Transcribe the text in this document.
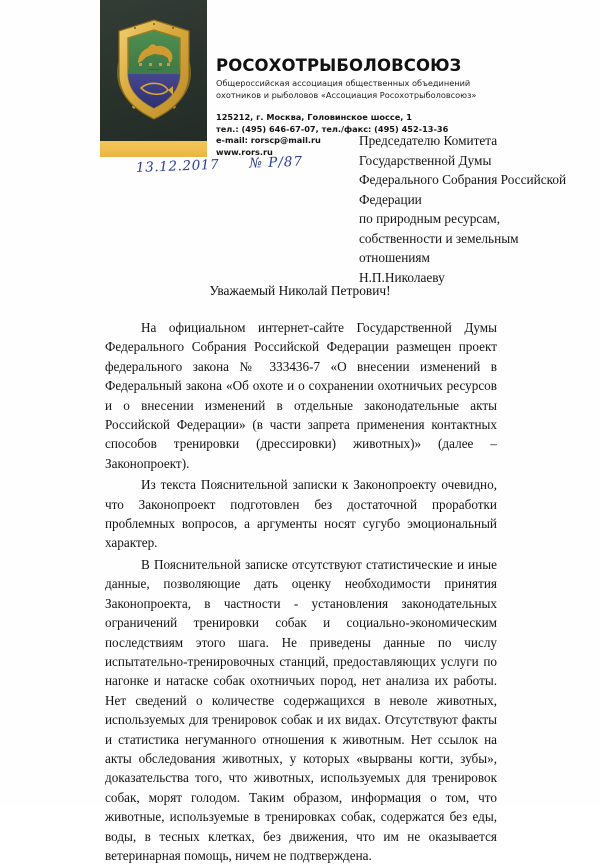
РОСОХОТРЫБОЛОВСОЮЗ
Общероссийская ассоциация общественных объединений
охотников и рыболовов «Ассоциация Росохотрыболовсоюз»
125212, г. Москва, Головинское шоссе, 1
тел.: (495) 646-67-07, тел./факс: (495) 452-13-36
e-mail: rorscp@mail.ru
www.rors.ru
13.12.2017 № Р/87
Председателю Комитета
Государственной Думы
Федерального Собрания Российской
Федерации
по природным ресурсам,
собственности и земельным
отношениям
Н.П.Николаеву
Уважаемый Николай Петрович!

На официальном интернет-сайте Государственной Думы Федерального Собрания Российской Федерации размещен проект федерального закона № 333436-7 «О внесении изменений в Федеральный закона «Об охоте и о сохранении охотничьих ресурсов и о внесении изменений в отдельные законодательные акты Российской Федерации» (в части запрета применения контактных способов тренировки (дрессировки) животных)» (далее – Законопроект).

Из текста Пояснительной записки к Законопроекту очевидно, что Законопроект подготовлен без достаточной проработки проблемных вопросов, а аргументы носят сугубо эмоциональный характер.

В Пояснительной записке отсутствуют статистические и иные данные, позволяющие дать оценку необходимости принятия Законопроекта, в частности - установления законодательных ограничений тренировки собак и социально-экономическим последствиям этого шага. Не приведены данные по числу испытательно-тренировочных станций, предоставляющих услуги по нагонке и натаске собак охотничьих пород, нет анализа их работы. Нет сведений о количестве содержащихся в неволе животных, используемых для тренировок собак и их видах. Отсутствуют факты и статистика негуманного отношения к животным. Нет ссылок на акты обследования животных, у которых «вырваны когти, зубы», доказательства того, что животных, используемых для тренировок собак, морят голодом. Таким образом, информация о том, что животные, используемые в тренировках собак, содержатся без еды, воды, в тесных клетках, без движения, что им не оказывается ветеринарная помощь, ничем не подтверждена.
